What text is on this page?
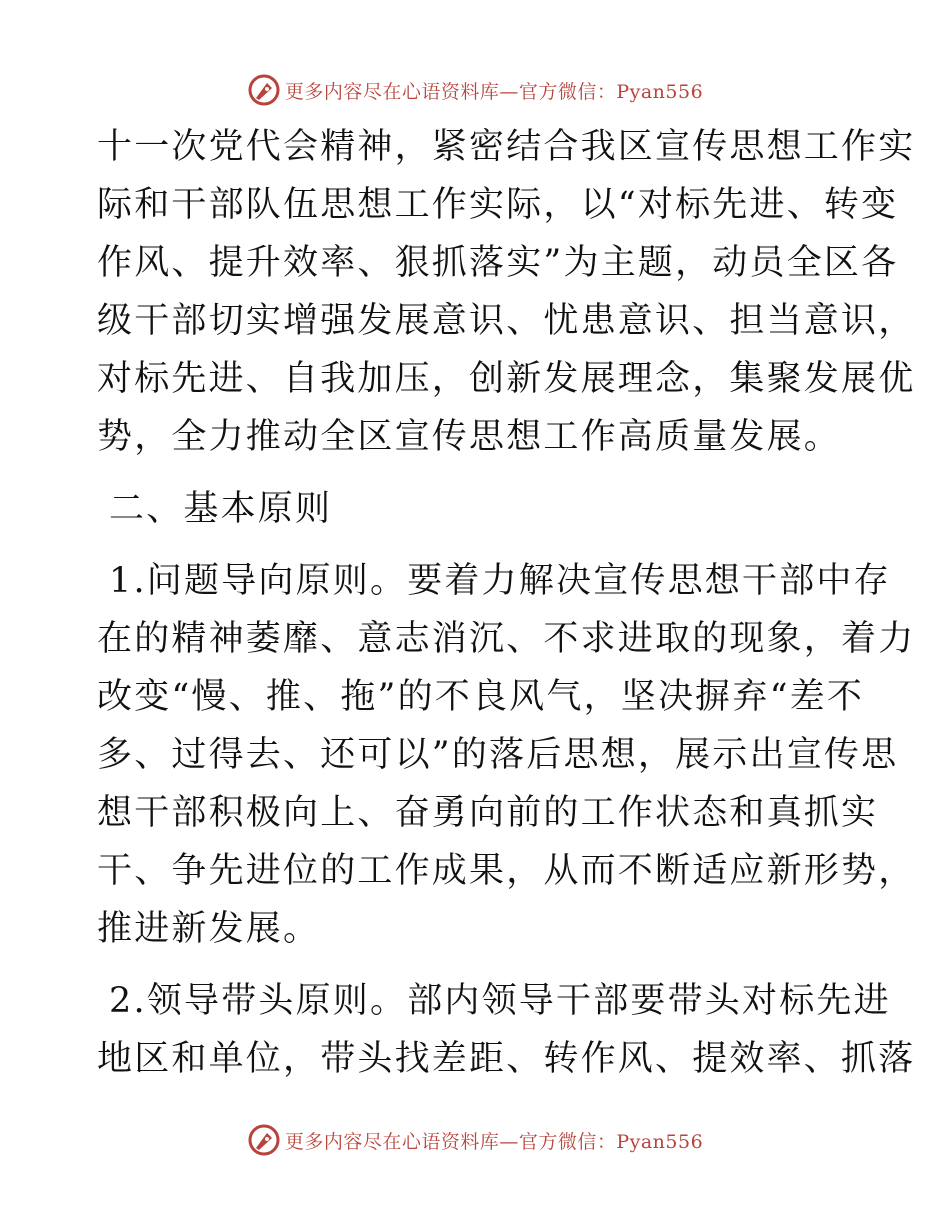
更多内容尽在心语资料库—官方微信：Pyan556
十一次党代会精神，紧密结合我区宣传思想工作实
际和干部队伍思想工作实际，以“对标先进、转变
作风、提升效率、狠抓落实”为主题，动员全区各
级干部切实增强发展意识、忧患意识、担当意识，
对标先进、自我加压，创新发展理念，集聚发展优
势，全力推动全区宣传思想工作高质量发展。
二、基本原则
1.问题导向原则。要着力解决宣传思想干部中存
在的精神萎靡、意志消沉、不求进取的现象，着力
改变“慢、推、拖”的不良风气，坚决摒弃“差不
多、过得去、还可以”的落后思想，展示出宣传思
想干部积极向上、奋勇向前的工作状态和真抓实
干、争先进位的工作成果，从而不断适应新形势，
推进新发展。
2.领导带头原则。部内领导干部要带头对标先进
地区和单位，带头找差距、转作风、提效率、抓落
更多内容尽在心语资料库—官方微信：Pyan556
